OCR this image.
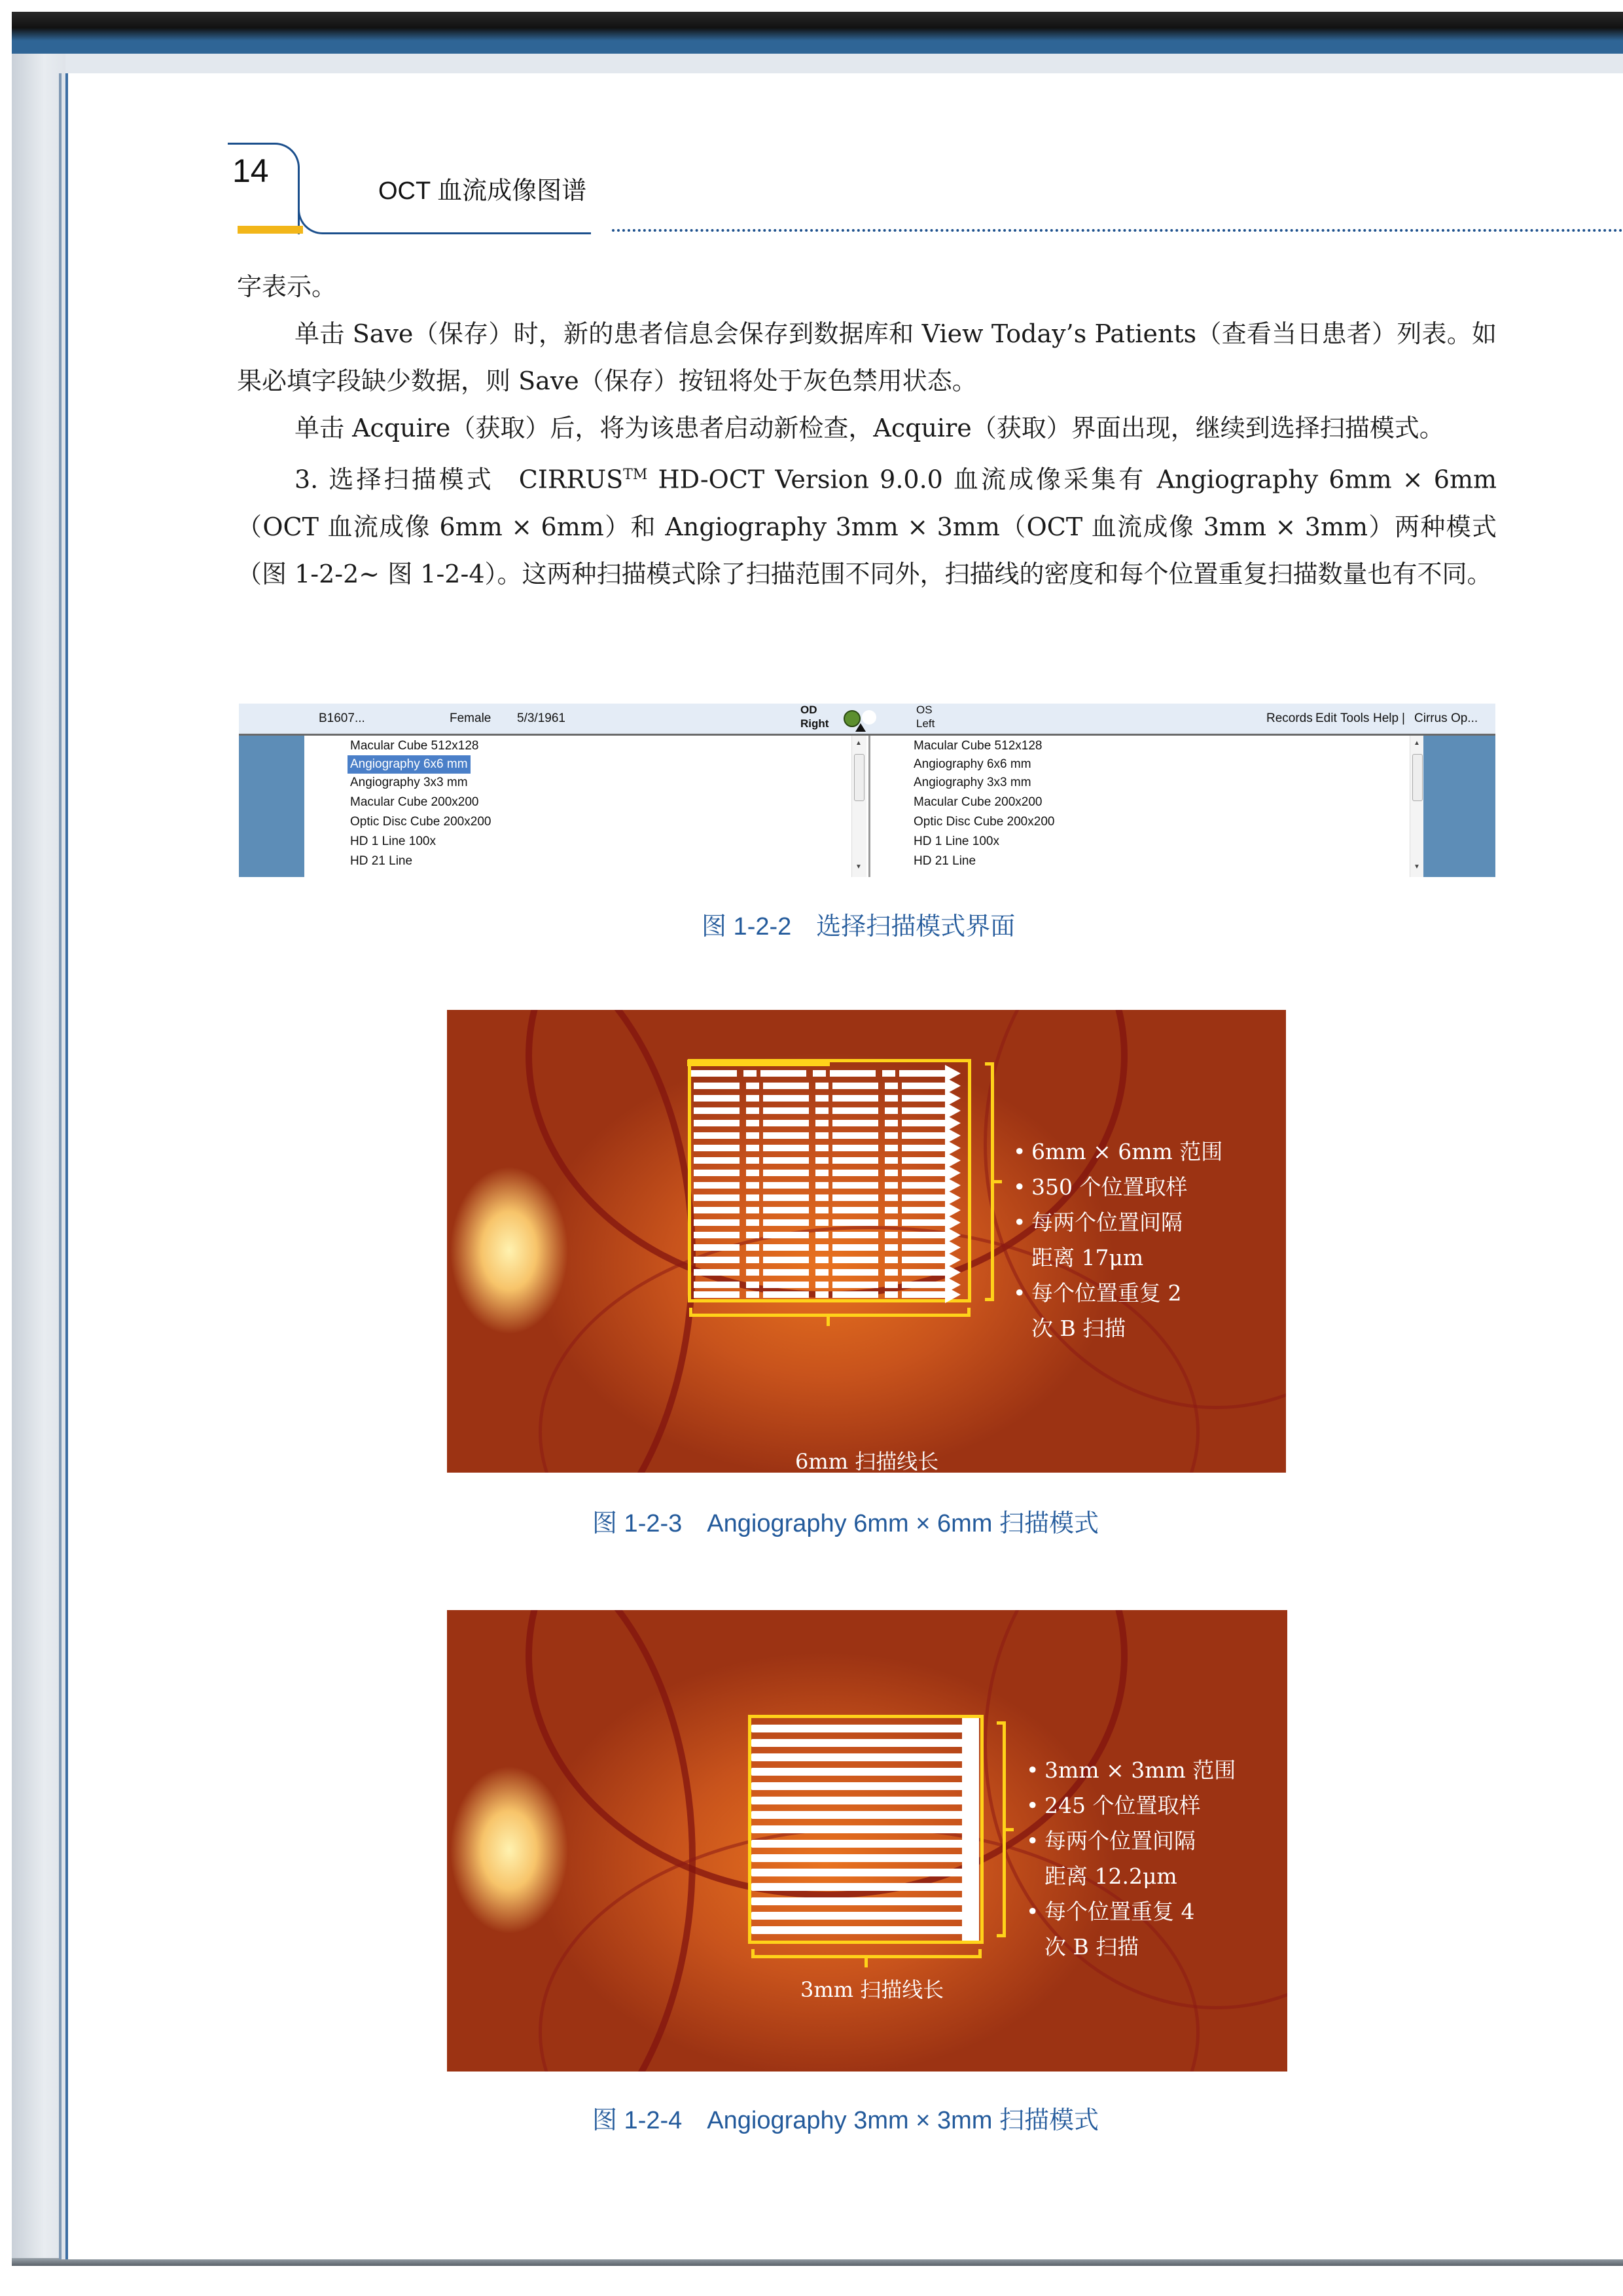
14
OCT 血流成像图谱
字表示。
单击 Save（保存）时，新的患者信息会保存到数据库和 View Today’s Patients（查看当日患者）列表。如果必填字段缺少数据，则 Save（保存）按钮将处于灰色禁用状态。
单击 Acquire（获取）后，将为该患者启动新检查，Acquire（获取）界面出现，继续到选择扫描模式。
3. 选择扫描模式  CIRRUS™ HD-OCT Version 9.0.0 血流成像采集有 Angiography 6mm × 6mm（OCT 血流成像 6mm × 6mm）和 Angiography 3mm × 3mm（OCT 血流成像 3mm × 3mm）两种模式（图 1-2-2~ 图 1-2-4）。这两种扫描模式除了扫描范围不同外，扫描线的密度和每个位置重复扫描数量也有不同。
B1607...	Female 5/3/1961
OD
Right
OS
Left	Records Edit Tools Help | Cirrus Op...
Macular Cube 512x128
Angiography 6x6 mm
Angiography 3x3 mm
Macular Cube 200x200
Optic Disc Cube 200x200
HD 1 Line 100x
HD 21 Line
▲
▼
Macular Cube 512x128
Angiography 6x6 mm
Angiography 3x3 mm
Macular Cube 200x200
Optic Disc Cube 200x200
HD 1 Line 100x
HD 21 Line
▲
▼
图 1-2-2　选择扫描模式界面
• 6mm × 6mm 范围
• 350 个位置取样
• 每两个位置间隔
距离 17μm
• 每个位置重复 2
次 B 扫描
6mm 扫描线长
图 1-2-3　Angiography 6mm × 6mm 扫描模式
• 3mm × 3mm 范围
• 245 个位置取样
• 每两个位置间隔
距离 12.2μm
• 每个位置重复 4
次 B 扫描
3mm 扫描线长
图 1-2-4　Angiography 3mm × 3mm 扫描模式
